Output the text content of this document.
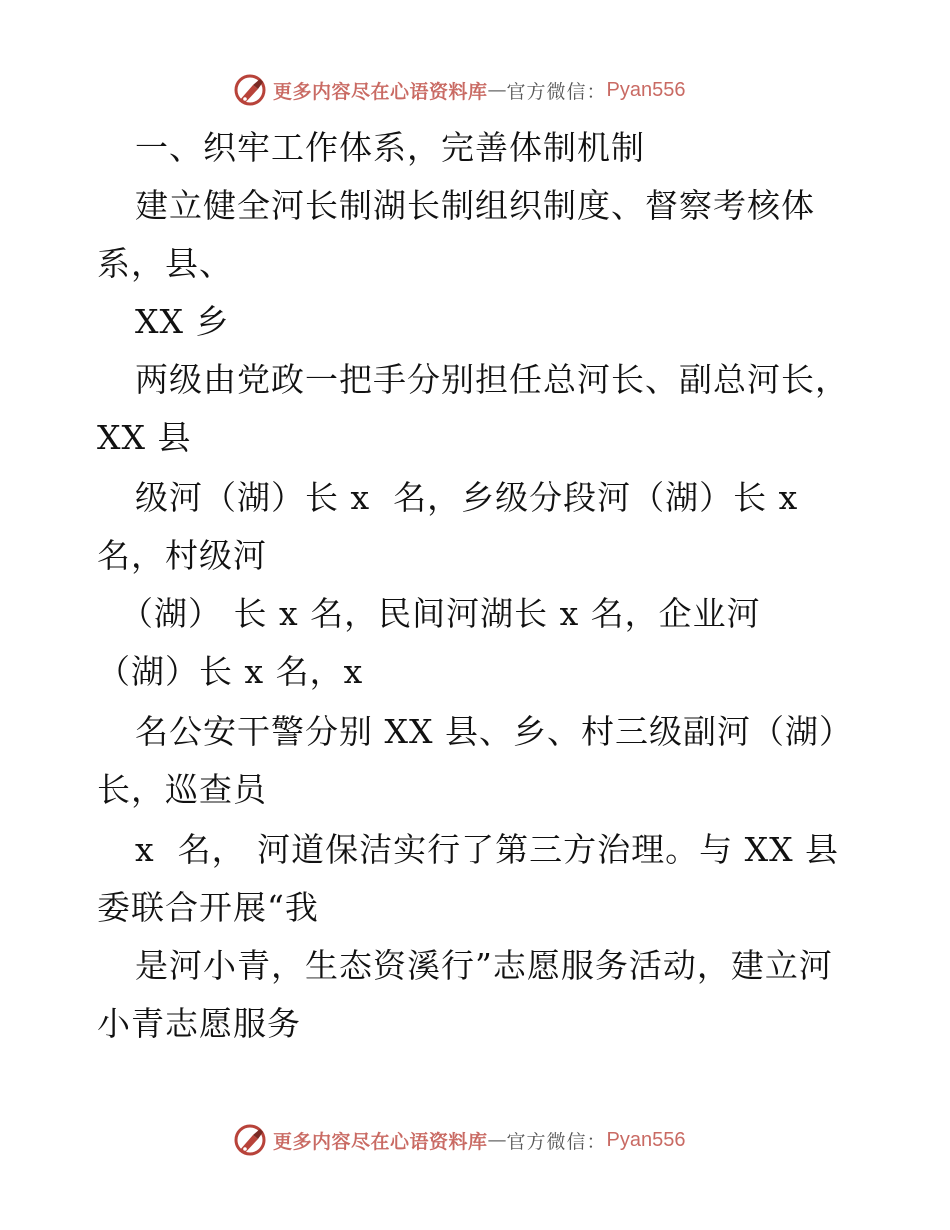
更多内容尽在心语资料库 — 官方微信： Pyan556
一、织牢工作体系，完善体制机制
建立健全河长制湖长制组织制度、督察考核体
系，县、
XX 乡
两级由党政一把手分别担任总河长、副总河长，
XX 县
级河（湖）长 x  名，乡级分段河（湖）长 x
名，村级河
（湖） 长 x 名，民间河湖长 x 名，企业河
（湖）长 x 名，x
名公安干警分别 XX 县、乡、村三级副河（湖）
长，巡查员
x  名， 河道保洁实行了第三方治理。与 XX 县
委联合开展“我
是河小青，生态资溪行”志愿服务活动，建立河
小青志愿服务
更多内容尽在心语资料库 — 官方微信： Pyan556
